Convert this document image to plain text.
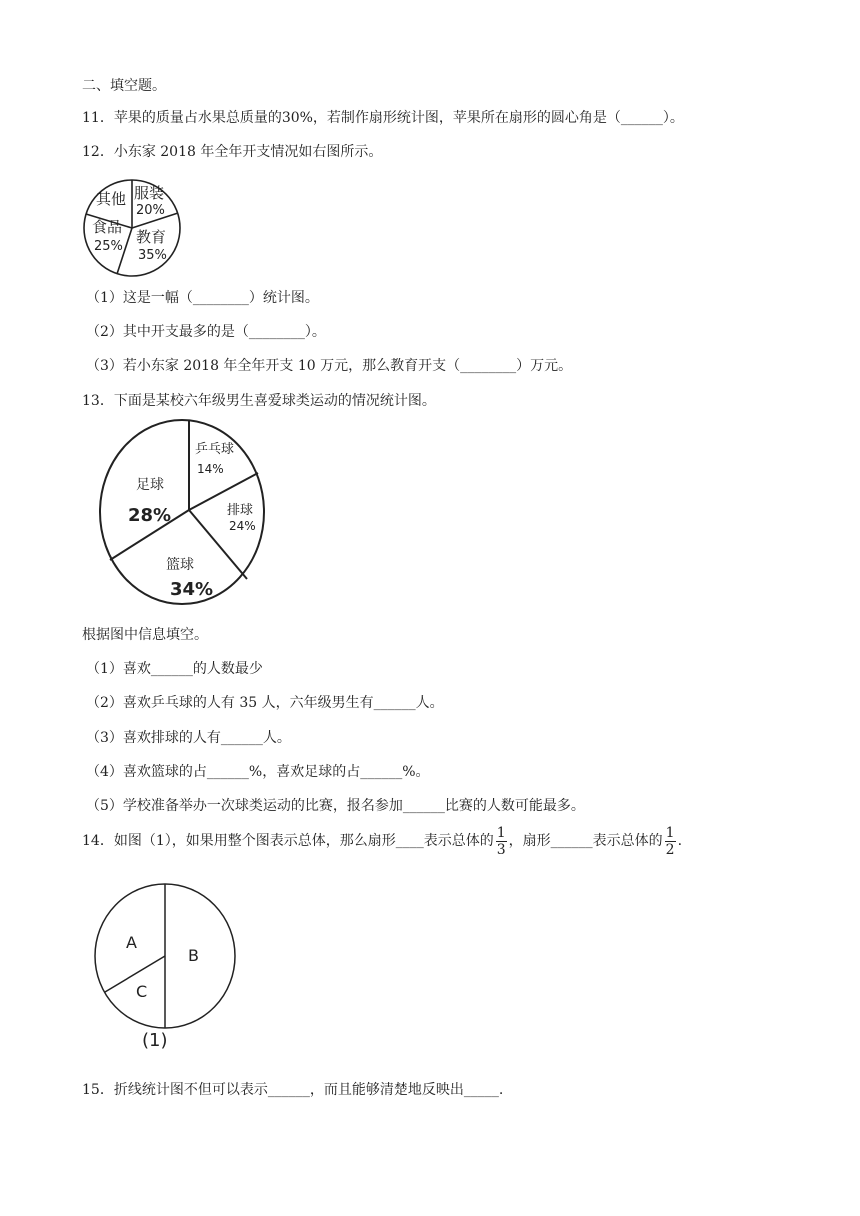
二、填空题。
11．苹果的质量占水果总质量的30%，若制作扇形统计图，苹果所在扇形的圆心角是（______）。
12．小东家 2018 年全年开支情况如右图所示。
服装
20%
教育
35%
食品
25%
其他
（1）这是一幅（________）统计图。
（2）其中开支最多的是（________）。
（3）若小东家 2018 年全年开支 10 万元，那么教育开支（________）万元。
13．下面是某校六年级男生喜爱球类运动的情况统计图。
乒乓球
14%
排球
24%
篮球
34%
足球
28%
根据图中信息填空。
（1）喜欢______的人数最少
（2）喜欢乒乓球的人有 35 人，六年级男生有______人。
（3）喜欢排球的人有______人。
（4）喜欢篮球的占______%，喜欢足球的占______%。
（5）学校准备举办一次球类运动的比赛，报名参加______比赛的人数可能最多。
14．如图（1），如果用整个图表示总体，那么扇形____表示总体的 $\frac{1}{3}$ ，扇形______表示总体的 $\frac{1}{2}$ .
A
B
C
(1)
15．折线统计图不但可以表示______，而且能够清楚地反映出_____.
